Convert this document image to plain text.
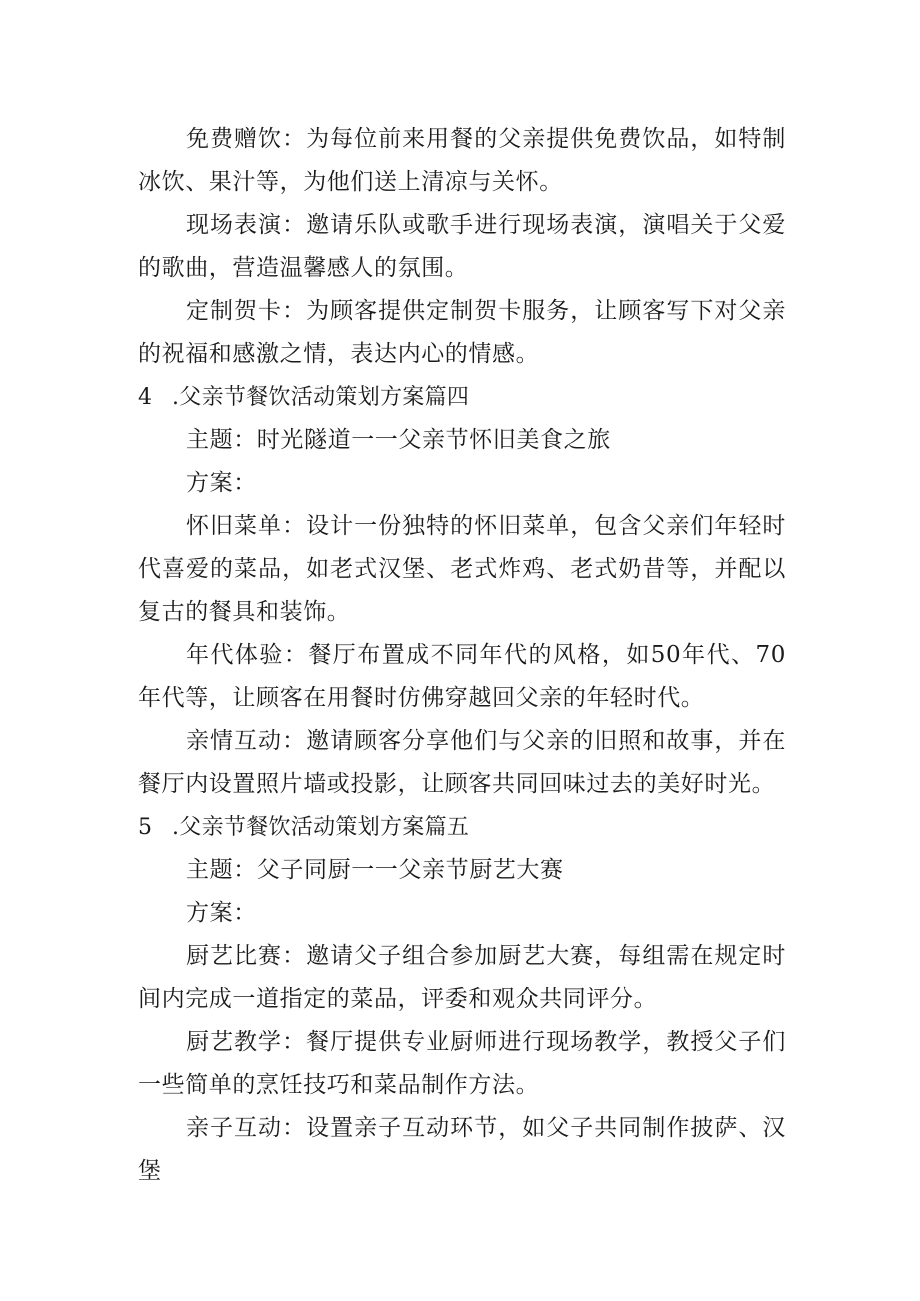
免费赠饮：为每位前来用餐的父亲提供免费饮品，如特制冰饮、果汁等，为他们送上清凉与关怀。

现场表演：邀请乐队或歌手进行现场表演，演唱关于父爱的歌曲，营造温馨感人的氛围。

定制贺卡：为顾客提供定制贺卡服务，让顾客写下对父亲的祝福和感激之情，表达内心的情感。

4 .父亲节餐饮活动策划方案篇四

主题：时光隧道一一父亲节怀旧美食之旅

方案：

怀旧菜单：设计一份独特的怀旧菜单，包含父亲们年轻时代喜爱的菜品，如老式汉堡、老式炸鸡、老式奶昔等，并配以复古的餐具和装饰。

年代体验：餐厅布置成不同年代的风格，如50年代、70年代等，让顾客在用餐时仿佛穿越回父亲的年轻时代。

亲情互动：邀请顾客分享他们与父亲的旧照和故事，并在餐厅内设置照片墙或投影，让顾客共同回味过去的美好时光。

5 .父亲节餐饮活动策划方案篇五

主题：父子同厨一一父亲节厨艺大赛

方案：

厨艺比赛：邀请父子组合参加厨艺大赛，每组需在规定时间内完成一道指定的菜品，评委和观众共同评分。

厨艺教学：餐厅提供专业厨师进行现场教学，教授父子们一些简单的烹饪技巧和菜品制作方法。

亲子互动：设置亲子互动环节，如父子共同制作披萨、汉堡
